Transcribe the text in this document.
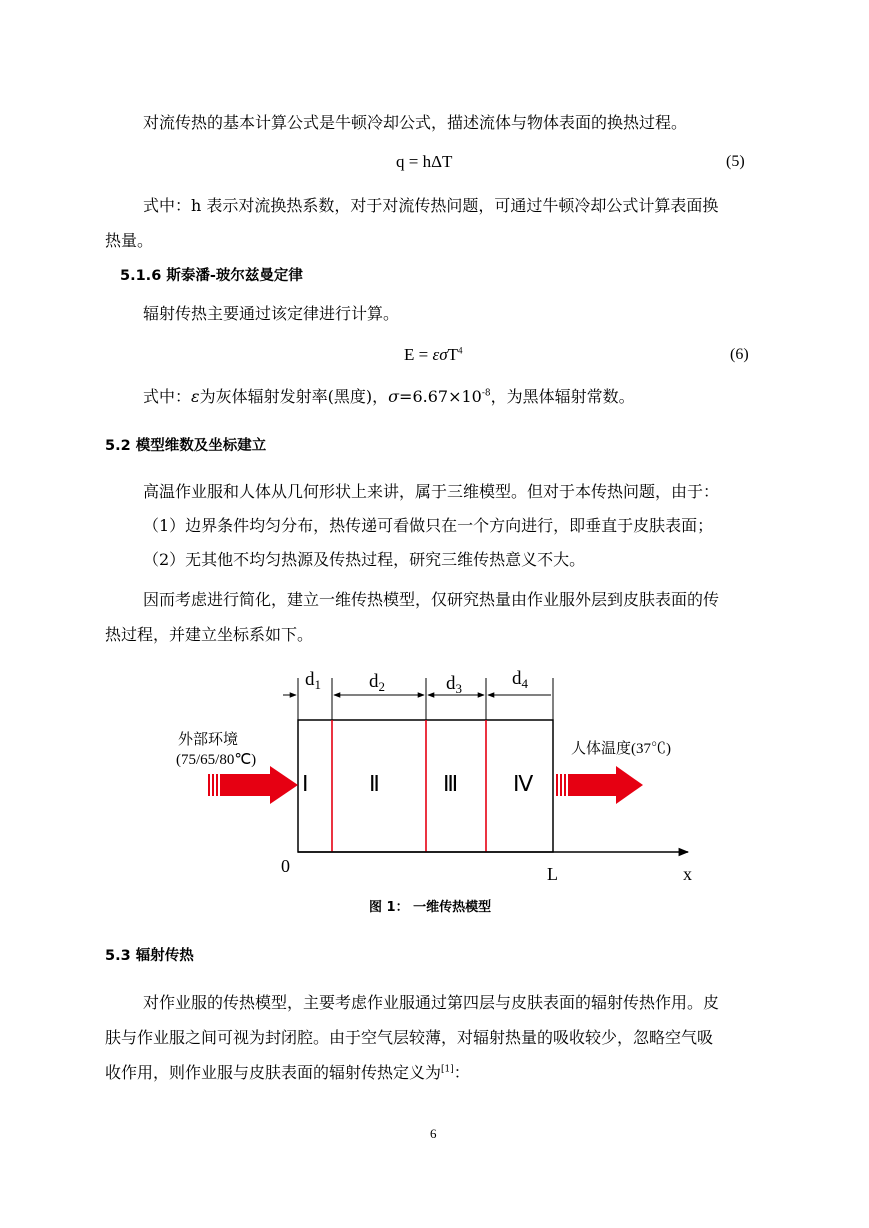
对流传热的基本计算公式是牛顿冷却公式，描述流体与物体表面的换热过程。
q = hΔT	(5)
式中：h 表示对流换热系数，对于对流传热问题，可通过牛顿冷却公式计算表面换
热量。
5.1.6 斯泰潘-玻尔兹曼定律
辐射传热主要通过该定律进行计算。
E = εσT$^4$	(6)
式中：ε为灰体辐射发射率(黑度)，$\sigma=6.67\times 10^{-8}$，为黑体辐射常数。
5.2 模型维数及坐标建立
高温作业服和人体从几何形状上来讲，属于三维模型。但对于本传热问题，由于：
（1）边界条件均匀分布，热传递可看做只在一个方向进行，即垂直于皮肤表面；
（2）无其他不均匀热源及传热过程，研究三维传热意义不大。
因而考虑进行简化，建立一维传热模型，仅研究热量由作业服外层到皮肤表面的传
热过程，并建立坐标系如下。
$d_1$	$d_2$	$d_3$	$d_4$
Ⅰ	Ⅱ	Ⅲ Ⅳ
0	L	x
外部环境
(75/65/80℃)
人体温度(37℃)
图 1： 一维传热模型
5.3 辐射传热
对作业服的传热模型，主要考虑作业服通过第四层与皮肤表面的辐射传热作用。皮
肤与作业服之间可视为封闭腔。由于空气层较薄，对辐射热量的吸收较少，忽略空气吸
收作用，则作业服与皮肤表面的辐射传热定义为[1]：
6
